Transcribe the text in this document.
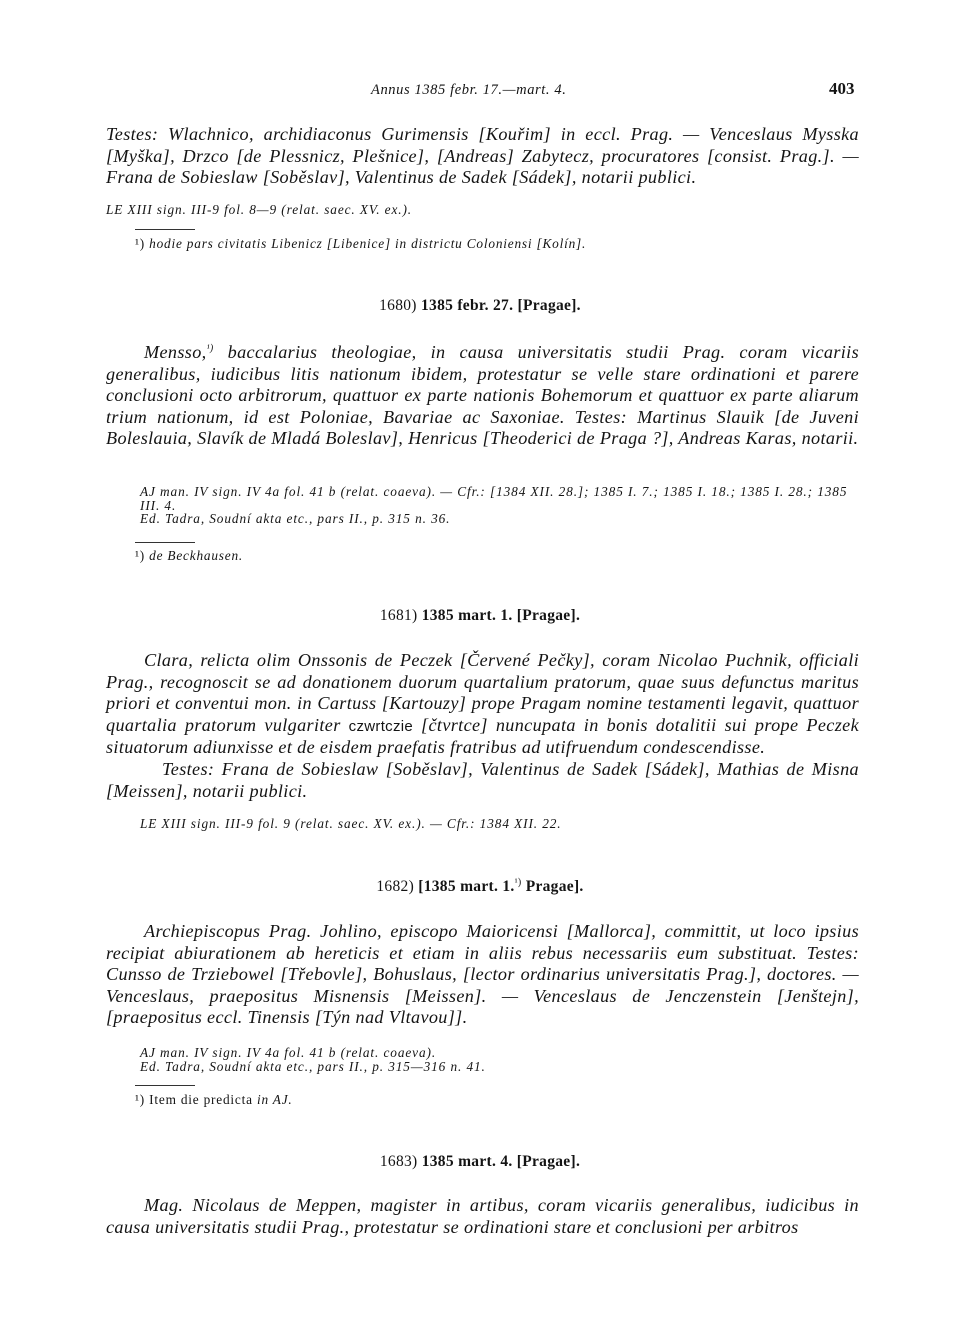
Annus 1385 febr. 17.—mart. 4.	403
Testes: Wlachnico, archidiaconus Gurimensis [Kouřim] in eccl. Prag. — Venceslaus Mysska [Myška], Drzco [de Plessnicz, Plešnice], [Andreas] Zabytecz, procuratores [consist. Prag.]. — Frana de Sobieslaw [Soběslav], Valentinus de Sadek [Sádek], notarii publici.
LE XIII sign. III-9 fol. 8—9 (relat. saec. XV. ex.).
¹) hodie pars civitatis Libenicz [Libenice] in districtu Coloniensi [Kolín].
1680) 1385 febr. 27. [Pragae].
Mensso,$^{^1)}$ baccalarius theologiae, in causa universitatis studii Prag. coram vicariis generalibus, iudicibus litis nationum ibidem, protestatur se velle stare ordinationi et parere conclusioni octo arbitrorum, quattuor ex parte nationis Bohemorum et quattuor ex parte aliarum trium nationum, id est Poloniae, Bavariae ac Saxoniae. Testes: Martinus Slauik [de Juveni Boleslauia, Slavík de Mladá Boleslav], Henricus [Theoderici de Praga ?], Andreas Karas, notarii.
AJ man. IV sign. IV 4a fol. 41 b (relat. coaeva). — Cfr.: [1384 XII. 28.]; 1385 I. 7.; 1385 I. 18.; 1385 I. 28.; 1385 III. 4.
Ed. Tadra, Soudní akta etc., pars II., p. 315 n. 36.
¹) de Beckhausen.
1681) 1385 mart. 1. [Pragae].
Clara, relicta olim Onssonis de Peczek [Červené Pečky], coram Nicolao Puchnik, officiali Prag., recognoscit se ad donationem duorum quartalium pratorum, quae suus defunctus maritus priori et conventui mon. in Cartuss [Kartouzy] prope Pragam nomine testamenti legavit, quattuor quartalia pratorum vulgariter czwrtczie [čtvrtce] nuncupata in bonis dotalitii sui prope Peczek situatorum adiunxisse et de eisdem praefatis fratribus ad utifruendum condescendisse.
Testes: Frana de Sobieslaw [Soběslav], Valentinus de Sadek [Sádek], Mathias de Misna [Meissen], notarii publici.
LE XIII sign. III-9 fol. 9 (relat. saec. XV. ex.). — Cfr.: 1384 XII. 22.
1682) [1385 mart. 1.$^{^1)}$ Pragae].
Archiepiscopus Prag. Johlino, episcopo Maioricensi [Mallorca], committit, ut loco ipsius recipiat abiurationem ab hereticis et etiam in aliis rebus necessariis eum substituat. Testes: Cunsso de Trziebowel [Třebovle], Bohuslaus, [lector ordinarius universitatis Prag.], doctores. — Venceslaus, praepositus Misnensis [Meissen]. — Venceslaus de Jenczenstein [Jenštejn], [praepositus eccl. Tinensis [Týn nad Vltavou]].
AJ man. IV sign. IV 4a fol. 41 b (relat. coaeva).
Ed. Tadra, Soudní akta etc., pars II., p. 315—316 n. 41.
¹) Item die predicta in AJ.
1683) 1385 mart. 4. [Pragae].
Mag. Nicolaus de Meppen, magister in artibus, coram vicariis generalibus, iudicibus in causa universitatis studii Prag., protestatur se ordinationi stare et conclusioni per arbitros
